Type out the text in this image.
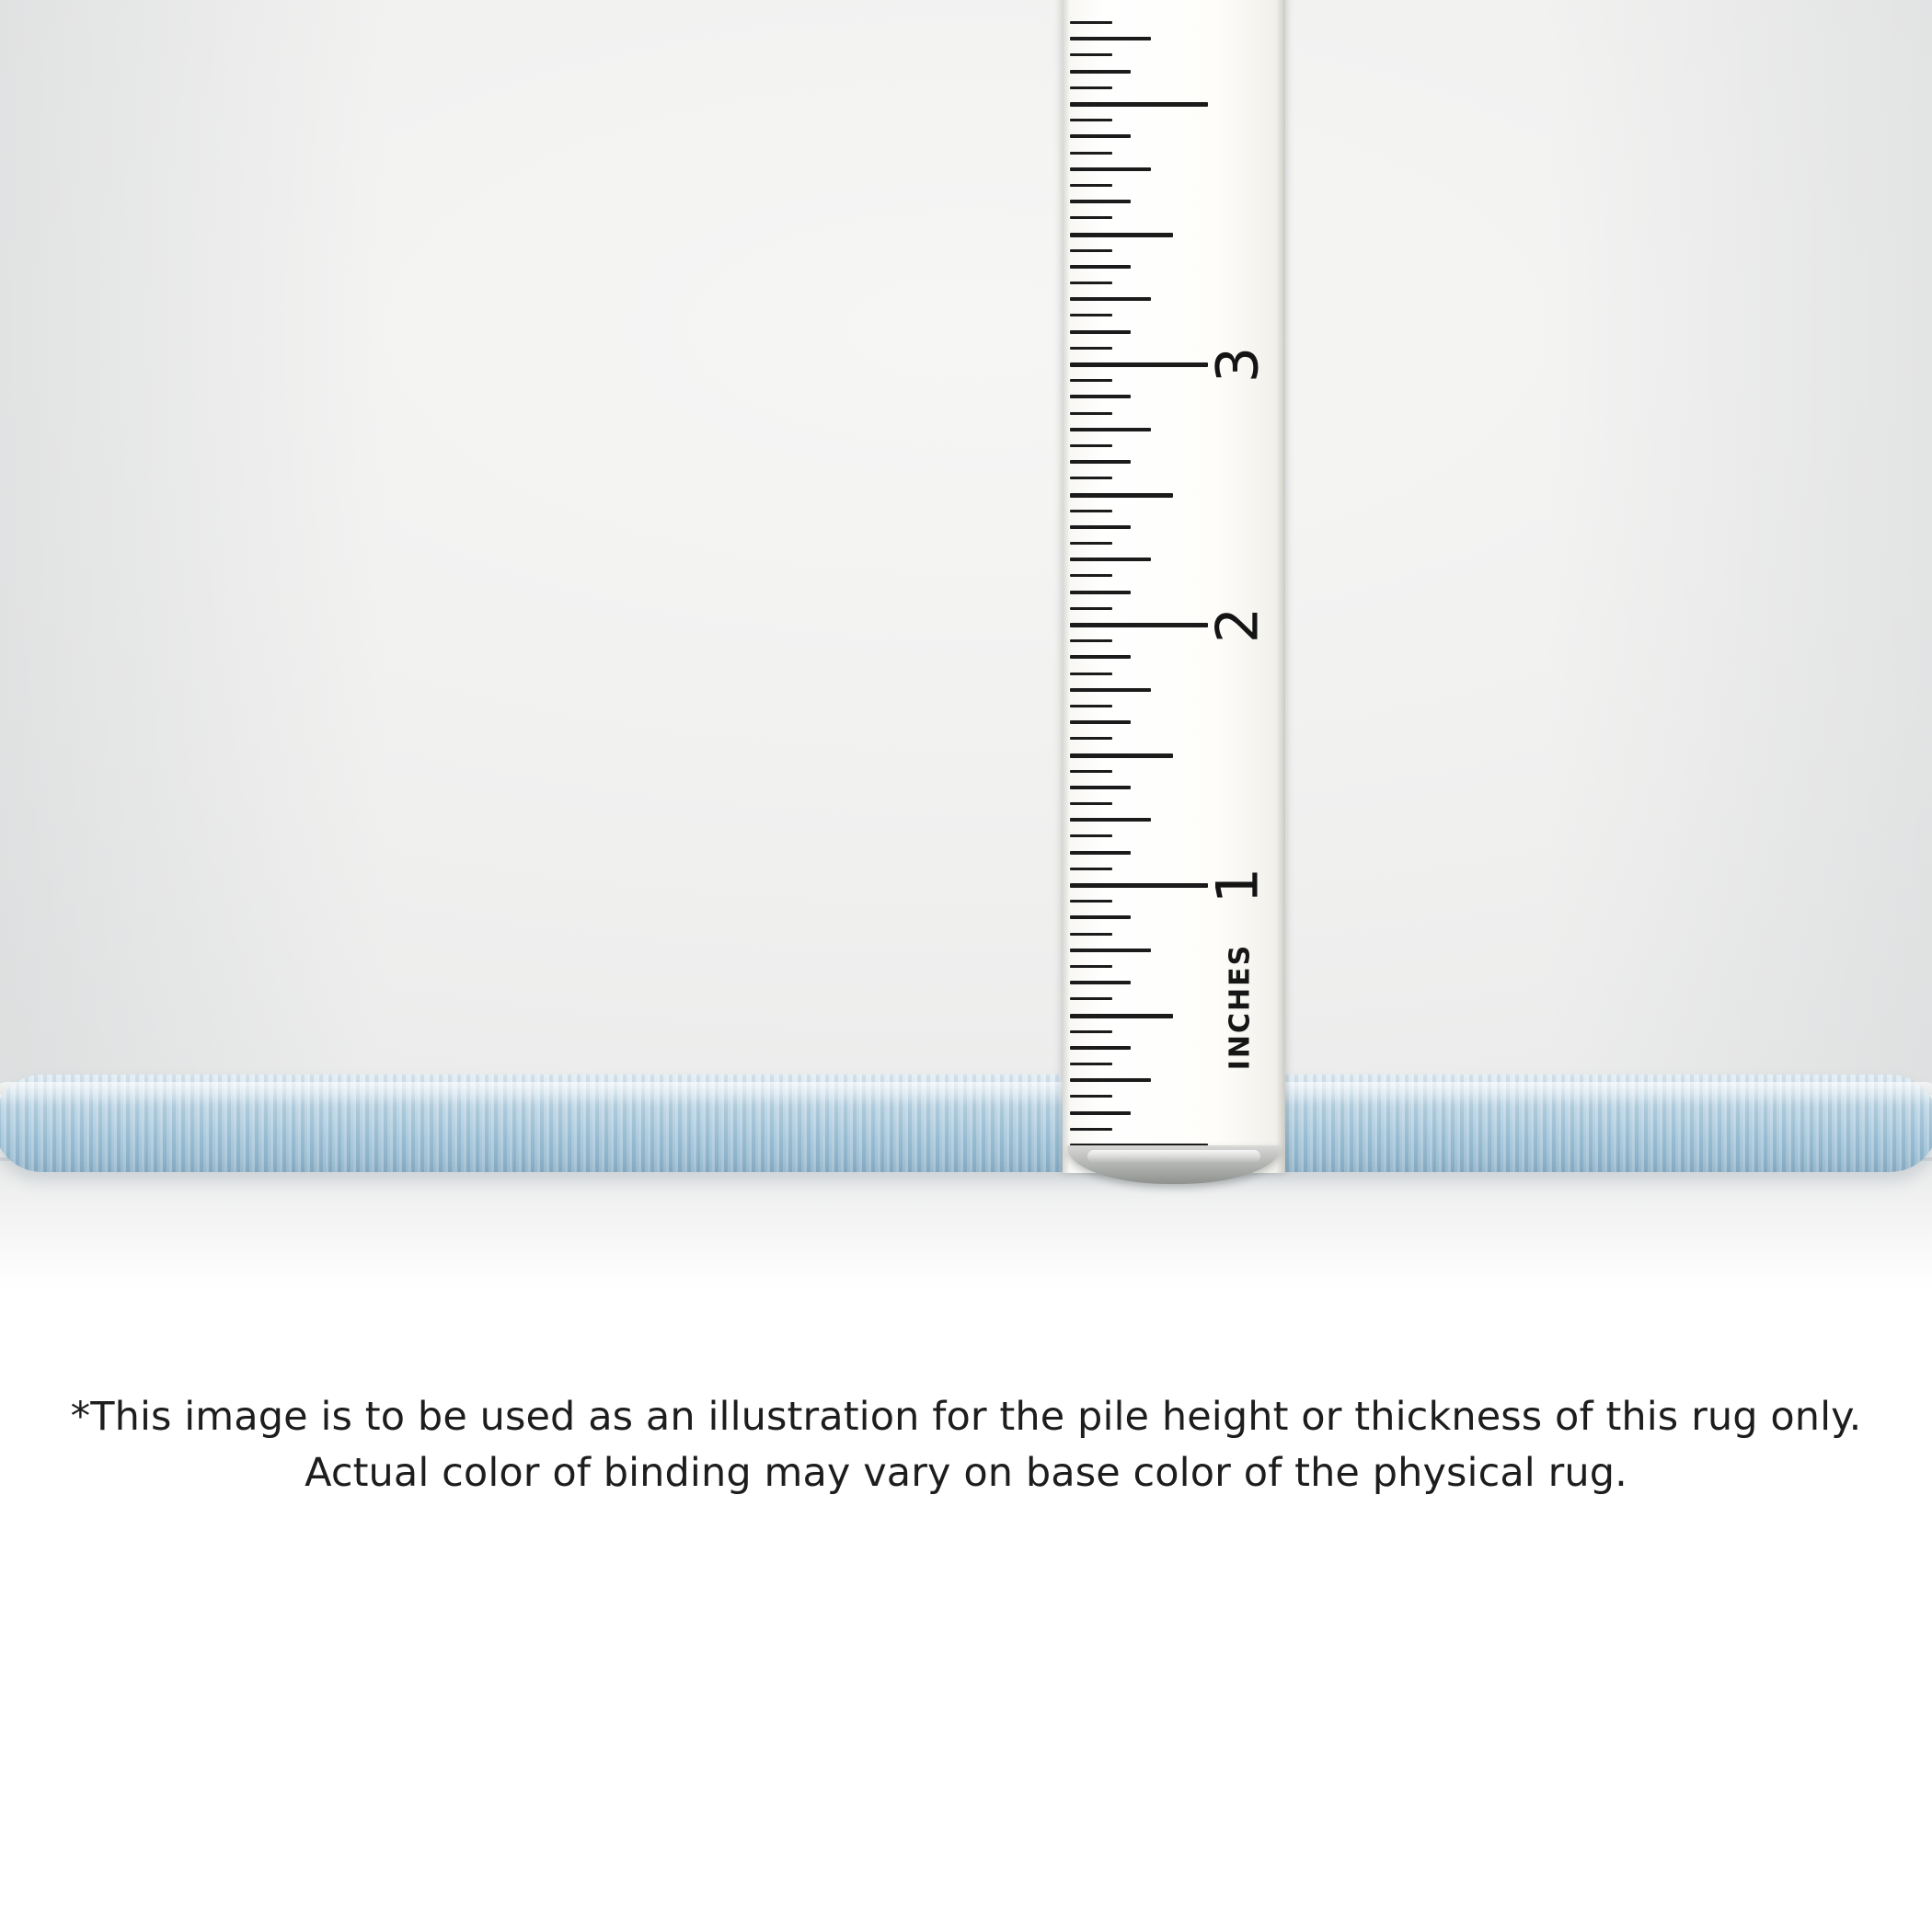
INCHES
1
2
3
*This image is to be used as an illustration for the pile height or thickness of this rug only.
Actual color of binding may vary on base color of the physical rug.
